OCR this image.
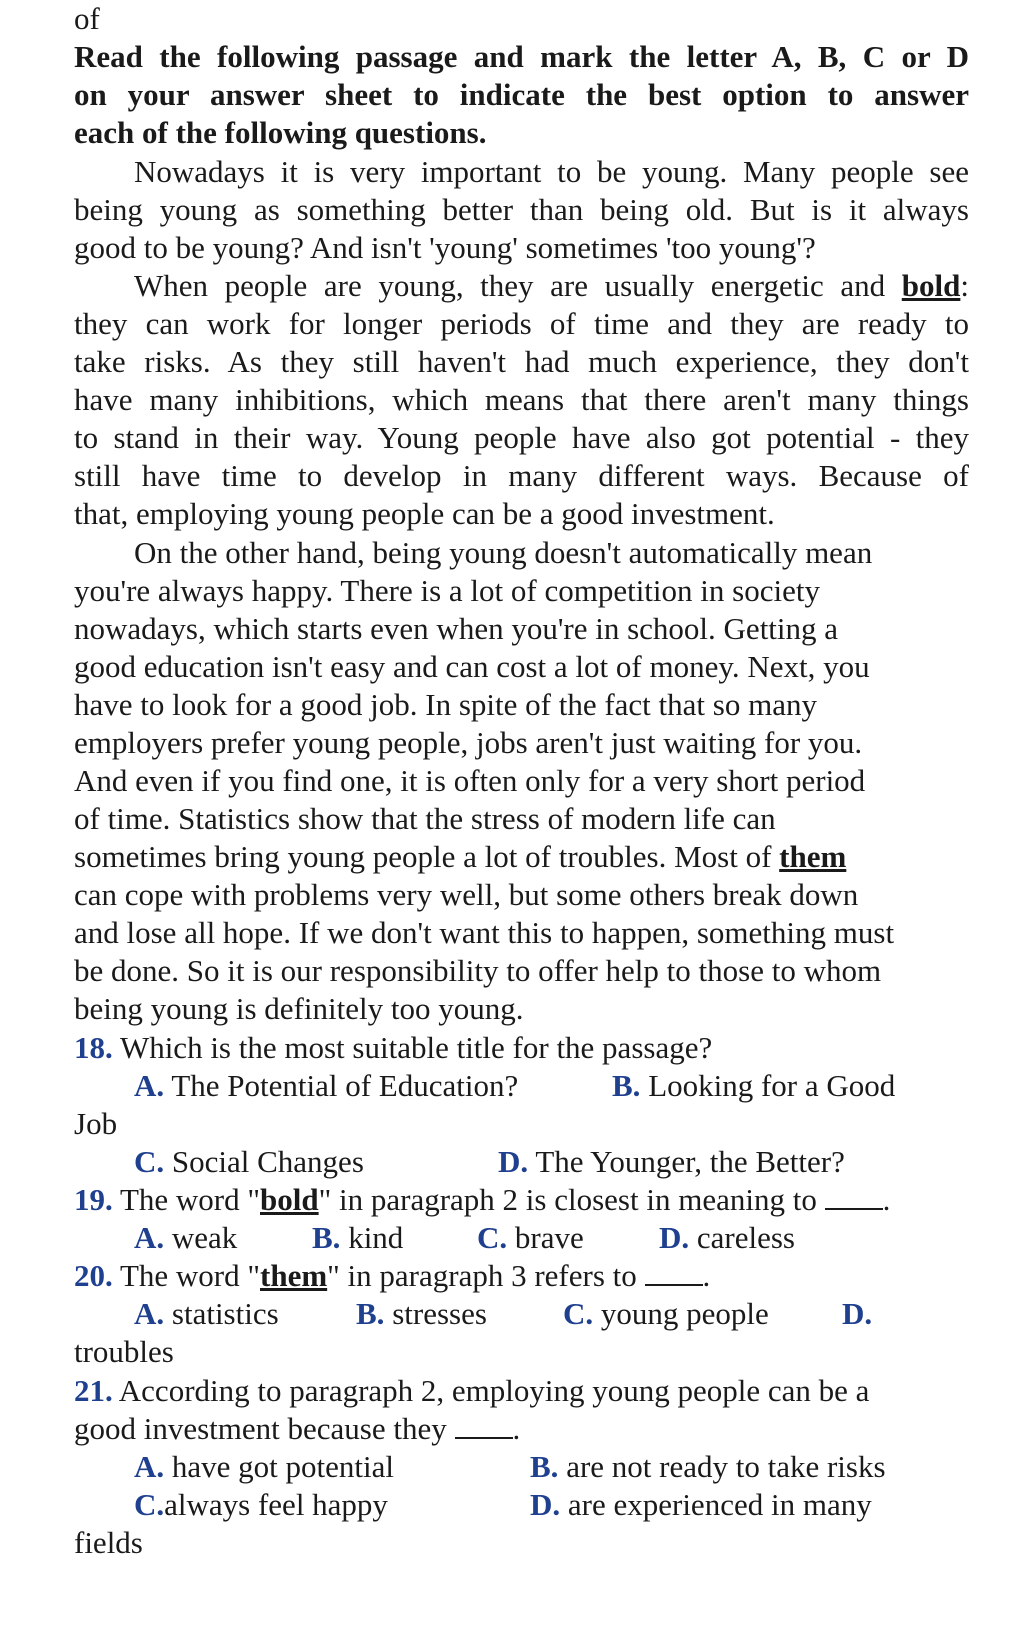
of
Read the following passage and mark the letter A, B, C or D
on your answer sheet to indicate the best option to answer
each of the following questions.
Nowadays it is very important to be young. Many people see
being young as something better than being old. But is it always
good to be young? And isn't 'young' sometimes 'too young'?
When people are young, they are usually energetic and bold:
they can work for longer periods of time and they are ready to
take risks. As they still haven't had much experience, they don't
have many inhibitions, which means that there aren't many things
to stand in their way. Young people have also got potential - they
still have time to develop in many different ways. Because of
that, employing young people can be a good investment.
On the other hand, being young doesn't automatically mean
you're always happy. There is a lot of competition in society
nowadays, which starts even when you're in school. Getting a
good education isn't easy and can cost a lot of money. Next, you
have to look for a good job. In spite of the fact that so many
employers prefer young people, jobs aren't just waiting for you.
And even if you find one, it is often only for a very short period
of time. Statistics show that the stress of modern life can
sometimes bring young people a lot of troubles. Most of them
can cope with problems very well, but some others break down
and lose all hope. If we don't want this to happen, something must
be done. So it is our responsibility to offer help to those to whom
being young is definitely too young.
18. Which is the most suitable title for the passage?
A. The Potential of Education?	B. Looking for a Good
Job
C. Social Changes	D. The Younger, the Better?
19. The word "bold" in paragraph 2 is closest in meaning to .
A. weak	B. kind	C. brave	D. careless
20. The word "them" in paragraph 3 refers to .
A. statistics	B. stresses	C. young people	D.
troubles
21. According to paragraph 2, employing young people can be a
good investment because they .
A. have got potential	B. are not ready to take risks
C.always feel happy	D. are experienced in many
fields
